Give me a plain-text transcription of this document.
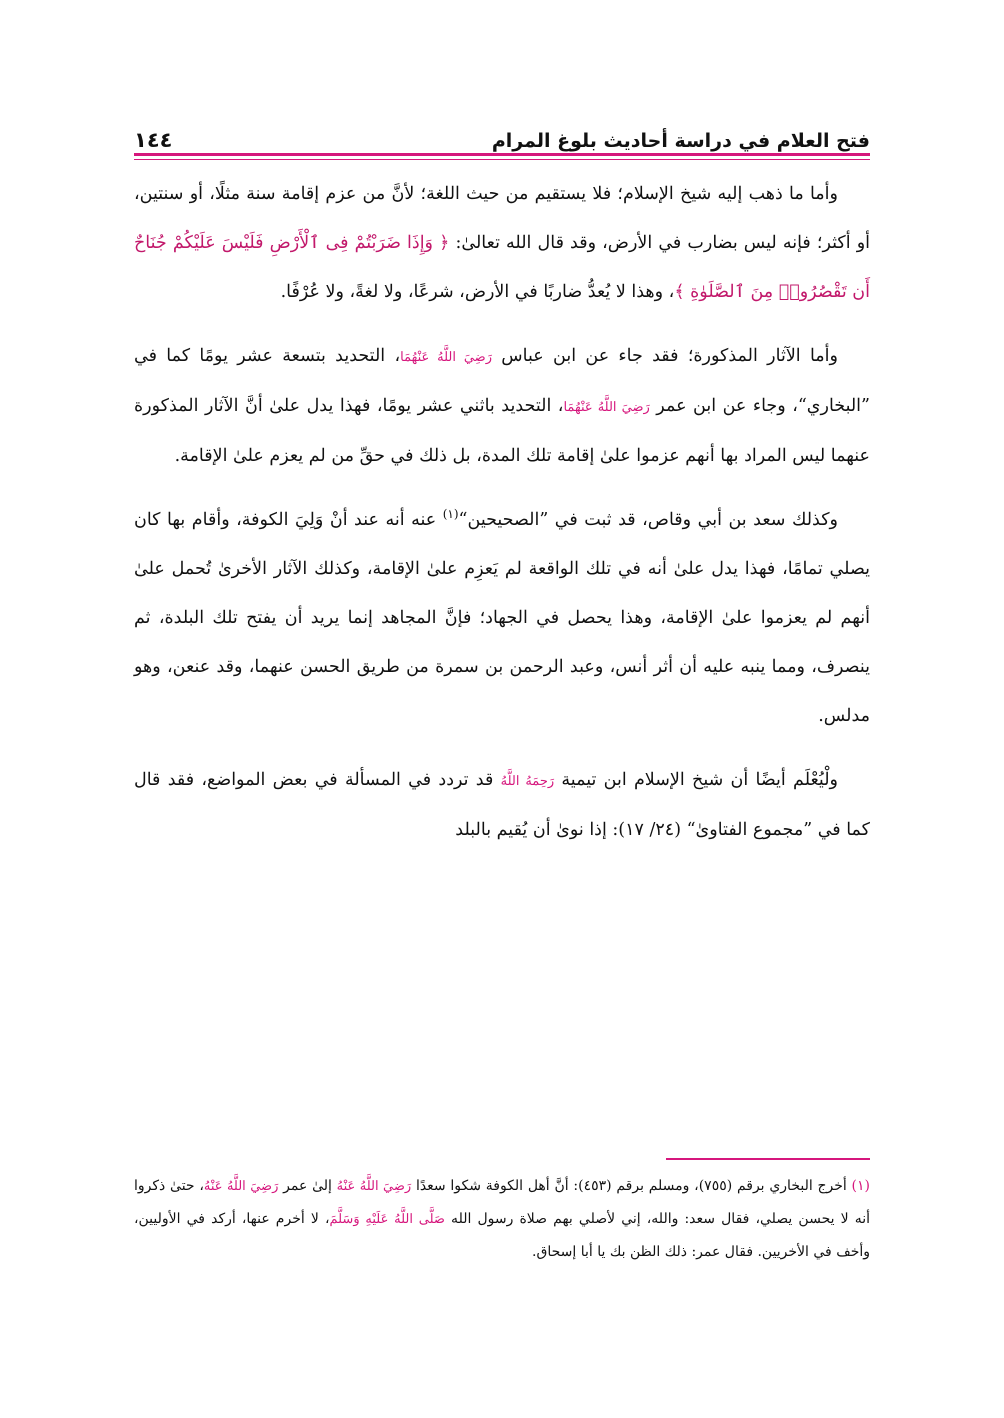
فتح العلام في دراسة أحاديث بلوغ المرام
١٤٤

وأما ما ذهب إليه شيخ الإسلام؛ فلا يستقيم من حيث اللغة؛ لأنَّ من عزم إقامة سنة مثلًا، أو سنتين، أو أكثر؛ فإنه ليس بضارب في الأرض، وقد قال الله تعالىٰ: ﴿ وَإِذَا ضَرَبْتُمْ فِى ٱلْأَرْضِ فَلَيْسَ عَلَيْكُمْ جُنَاحٌ أَن تَقْصُرُوا۟ مِنَ ٱلصَّلَوٰةِ ﴾، وهذا لا يُعدُّ ضاربًا في الأرض، شرعًا، ولا لغةً، ولا عُرْفًا.

وأما الآثار المذكورة؛ فقد جاء عن ابن عباس رَضِيَ اللَّهُ عَنْهُمَا، التحديد بتسعة عشر يومًا كما في ”البخاري“، وجاء عن ابن عمر رَضِيَ اللَّهُ عَنْهُمَا، التحديد باثني عشر يومًا، فهذا يدل علىٰ أنَّ الآثار المذكورة عنهما ليس المراد بها أنهم عزموا علىٰ إقامة تلك المدة، بل ذلك في حقِّ من لم يعزم علىٰ الإقامة.

وكذلك سعد بن أبي وقاص، قد ثبت في ”الصحيحين“$^{(١)}$ عنه أنه عند أنْ وَلِيَ الكوفة، وأقام بها كان يصلي تمامًا، فهذا يدل علىٰ أنه في تلك الواقعة لم يَعزِم علىٰ الإقامة، وكذلك الآثار الأخرىٰ تُحمل علىٰ أنهم لم يعزموا علىٰ الإقامة، وهذا يحصل في الجهاد؛ فإنَّ المجاهد إنما يريد أن يفتح تلك البلدة، ثم ينصرف، ومما ينبه عليه أن أثر أنس، وعبد الرحمن بن سمرة من طريق الحسن عنهما، وقد عنعن، وهو مدلس.

ولْيُعْلَم أيضًا أن شيخ الإسلام ابن تيمية رَحِمَهُ اللَّهُ قد تردد في المسألة في بعض المواضع، فقد قال كما في ”مجموع الفتاوىٰ“ (٢٤/ ١٧): إذا نوىٰ أن يُقيم بالبلد

(١) أخرج البخاري برقم (٧٥٥)، ومسلم برقم (٤٥٣): أنَّ أهل الكوفة شكوا سعدًا رَضِيَ اللَّهُ عَنْهُ إلىٰ عمر رَضِيَ اللَّهُ عَنْهُ، حتىٰ ذكروا أنه لا يحسن يصلي، فقال سعد: والله، إني لأصلي بهم صلاة رسول الله صَلَّى اللَّهُ عَلَيْهِ وَسَلَّمَ، لا أخرم عنها، أركد في الأوليين، وأخف في الأخريين. فقال عمر: ذلك الظن بك يا أبا إسحاق.
